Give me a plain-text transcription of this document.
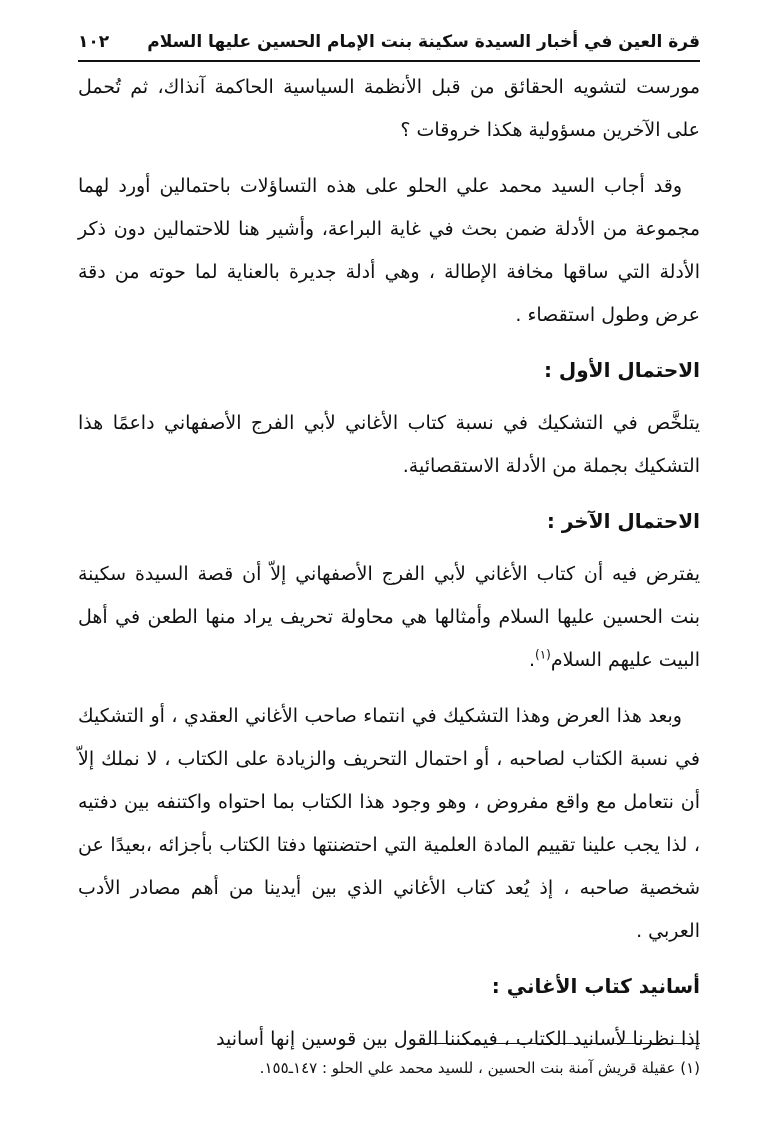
قرة العين في أخبار السيدة سكينة بنت الإمام الحسين عليها السلام
١٠٢

مورست لتشويه الحقائق من قبل الأنظمة السياسية الحاكمة آنذاك، ثم تُحمل على الآخرين مسؤولية هكذا خروقات ؟

وقد أجاب السيد محمد علي الحلو على هذه التساؤلات باحتمالين أورد لهما مجموعة من الأدلة ضمن بحث في غاية البراعة، وأشير هنا للاحتمالين دون ذكر الأدلة التي ساقها مخافة الإطالة ، وهي أدلة جديرة بالعناية لما حوته من دقة عرض وطول استقصاء .

الاحتمال الأول :

يتلخَّص في التشكيك في نسبة كتاب الأغاني لأبي الفرج الأصفهاني داعمًا هذا التشكيك بجملة من الأدلة الاستقصائية.

الاحتمال الآخر :

يفترض فيه أن كتاب الأغاني لأبي الفرج الأصفهاني إلاّ أن قصة السيدة سكينة بنت الحسين عليها السلام وأمثالها هي محاولة تحريف يراد منها الطعن في أهل البيت عليهم السلام$^{(١)}$.

وبعد هذا العرض وهذا التشكيك في انتماء صاحب الأغاني العقدي ، أو التشكيك في نسبة الكتاب لصاحبه ، أو احتمال التحريف والزيادة على الكتاب ، لا نملك إلاّ أن نتعامل مع واقع مفروض ، وهو وجود هذا الكتاب بما احتواه واكتنفه بين دفتيه ، لذا يجب علينا تقييم المادة العلمية التي احتضنتها دفتا الكتاب بأجزائه ،بعيدًا عن شخصية صاحبه ، إذ يُعد كتاب الأغاني الذي بين أيدينا من أهم مصادر الأدب العربي .

أسانيد كتاب الأغاني :

إذا نظرنا لأسانيد الكتاب ، فيمكننا القول بين قوسين إنها أسانيد

(١) عقيلة قريش آمنة بنت الحسين ، للسيد محمد علي الحلو : ١٤٧ـ١٥٥.
